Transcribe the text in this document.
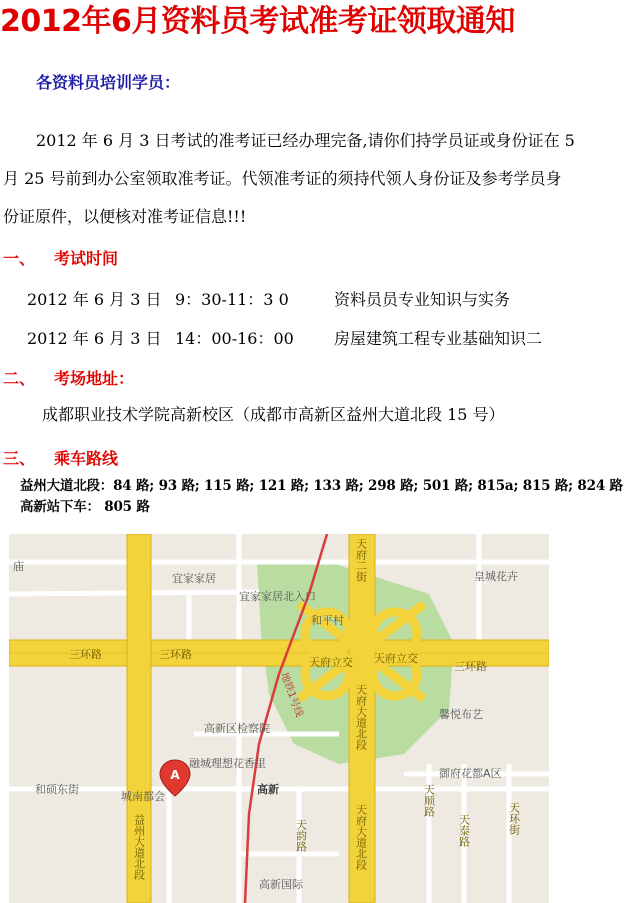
2012年6月资料员考试准考证领取通知
各资料员培训学员：
2012 年 6 月 3 日考试的准考证已经办理完备,请你们持学员证或身份证在 5
月 25 号前到办公室领取准考证。代领准考证的须持代领人身份证及参考学员身
份证原件，以便核对准考证信息!!!
一、 考试时间
2012 年 6 月 3 日 9：30-11：3 0	资料员员专业知识与实务
2012 年 6 月 3 日 14：00-16：00	房屋建筑工程专业基础知识二
二、 考场地址：
成都职业技术学院高新校区（成都市高新区益州大道北段 15 号）
三、 乘车路线
益州大道北段：84 路; 93 路; 115 路; 121 路; 133 路; 298 路; 501 路; 815a; 815 路; 824 路
高新站下车： 805 路
庙
宜家家居
宜家家居北入口
和平村
皇城花卉
三环路	三环路
三环路
天府立交 天府立交
高新区检察院
馨悦布艺
融城理想花香里
御府花都A区
和硕东街	高新
城南都会
高新国际
益州大道北段
天府大道北段
天府大道北段
天顺路
天泰路
天韵路
天环街
天府二街
地铁1号线
A
